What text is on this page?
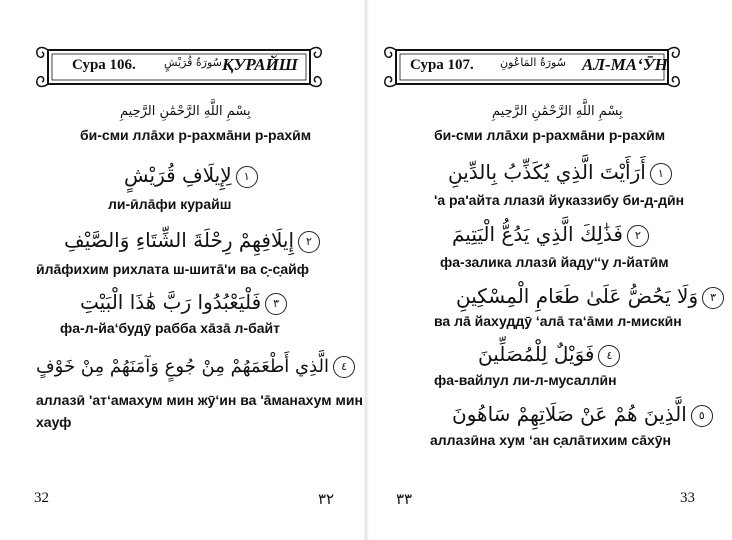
Сура 106.	سُورَةُ قُرَيْشٍ ҚУРАЙШ
بِسْمِ اللَّهِ الرَّحْمَٰنِ الرَّحِيمِ
би-сми ллāхи р-рахмāни р-рахӣм
١لِإِيلَافِ قُرَيْشٍ
ли-ӣлāфи курайш
٢إِيلَافِهِمْ رِحْلَةَ الشِّتَاءِ وَالصَّيْفِ
ӣлāфихим рихлата ш-шитā'и ва с̣-с̣айф
٣فَلْيَعْبُدُوا رَبَّ هَٰذَا الْبَيْتِ
фа-л-йа‘будӯ рабба хāзā л-байт
٤الَّذِي أَطْعَمَهُمْ مِنْ جُوعٍ وَآمَنَهُمْ مِنْ خَوْفٍ
аллазӣ 'ат‘амахум мин жӯ‘ин ва 'āманахум мин
хауф
32	٣٢
Сура 107. سُورَةُ المَاعُونِ АЛ-МА‘ӮН
بِسْمِ اللَّهِ الرَّحْمَٰنِ الرَّحِيمِ
би-сми ллāхи р-рахмāни р-рахӣм
١أَرَأَيْتَ الَّذِي يُكَذِّبُ بِالدِّينِ
'а ра'айта ллазӣ йуказзибу би-д-дӣн
٢فَذَٰلِكَ الَّذِي يَدُعُّ الْيَتِيمَ
фа-залика ллазӣ йаду‘‘у л-йатӣм
٣وَلَا يَحُضُّ عَلَىٰ طَعَامِ الْمِسْكِينِ
ва лā йахуддӯ ‘алā та‘āми л-мискӣн
٤فَوَيْلٌ لِلْمُصَلِّينَ
фа-вайлул ли-л-мусаллӣн
٥الَّذِينَ هُمْ عَنْ صَلَاتِهِمْ سَاهُونَ
аллазӣна хум ‘ан с̣алāтихим сāхӯн
٣٣	33
